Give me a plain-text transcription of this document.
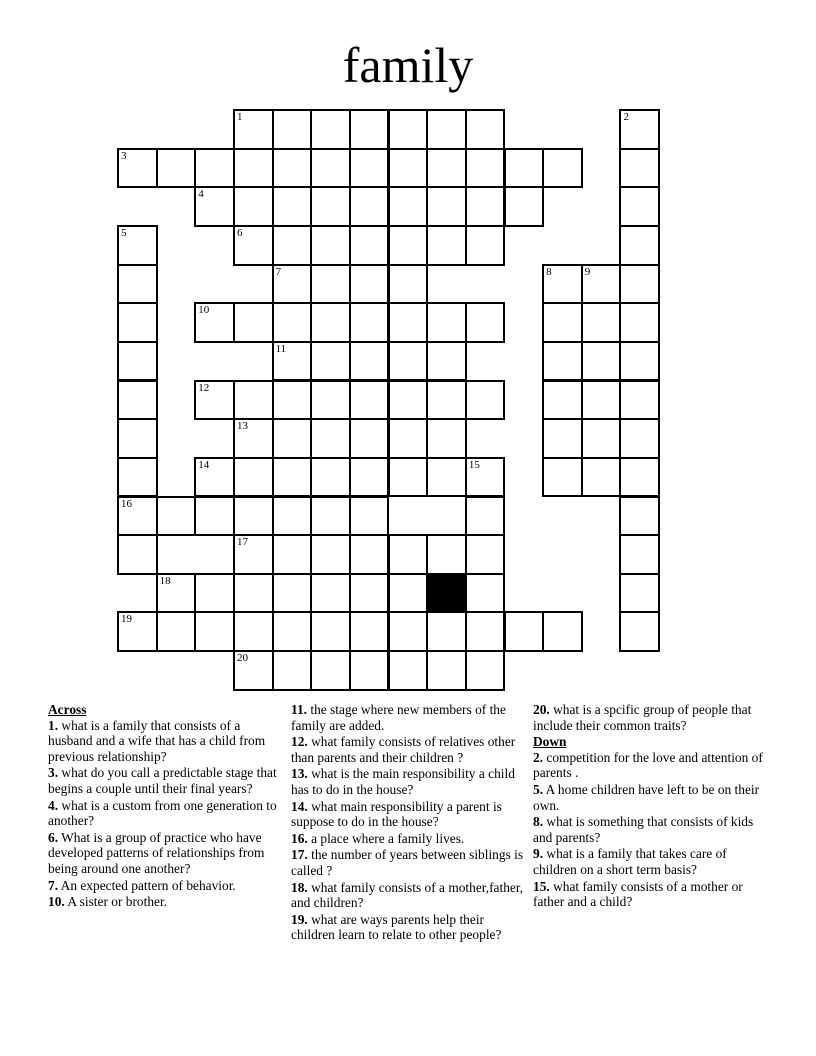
family
1	2
3
4
5	6
7	8	9
10
11
12
13
14	15
16
17
18
19
20
Across
1. what is a family that consists of a husband and a wife that has a child from previous relationship?
3. what do you call a predictable stage that begins a couple until their final years?
4. what is a custom from one generation to another?
6. What is a group of practice who have developed patterns of relationships from being around one another?
7. An expected pattern of behavior.
10. A sister or brother.
11. the stage where new members of the family are added.
12. what family consists of relatives other than parents and their children ?
13. what is the main responsibility a child has to do in the house?
14. what main responsibility a parent is suppose to do in the house?
16. a place where a family lives.
17. the number of years between siblings is called ?
18. what family consists of a mother,father, and children?
19. what are ways parents help their children learn to relate to other people?
20. what is a spcific group of people that include their common traits?
Down
2. competition for the love and attention of parents .
5. A home children have left to be on their own.
8. what is something that consists of kids and parents?
9. what is a family that takes care of children on a short term basis?
15. what family consists of a mother or father and a child?
